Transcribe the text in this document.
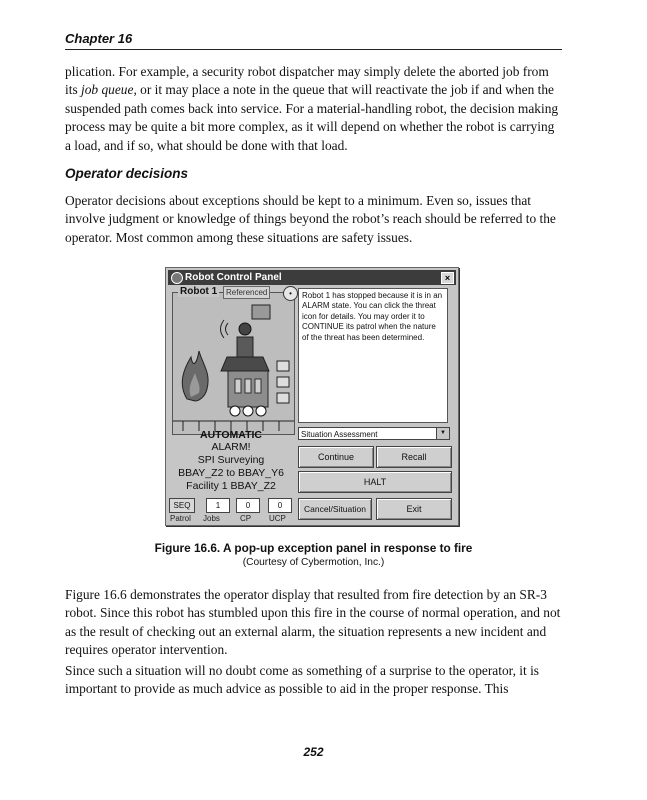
Chapter 16

plication. For example, a security robot dispatcher may simply delete the aborted job from its job queue, or it may place a note in the queue that will reactivate the job if and when the suspended path comes back into service. For a material-handling robot, the decision making process may be quite a bit more complex, as it will depend on whether the robot is carrying a load, and if so, what should be done with that load.

Operator decisions

Operator decisions about exceptions should be kept to a minimum. Even so, issues that involve judgment or knowledge of things beyond the robot’s reach should be referred to the operator. Most common among these situations are safety issues.

Robot Control Panel	×
Robot 1	Referenced	•	Robot 1 has stopped because it is in an ALARM state. You can click the threat icon for details. You may order it to CONTINUE its patrol when the nature of the threat has been determined.
Situation Assessment	▼
Continue	Recall
HALT
Cancel/Situation	Exit
AUTOMATIC
ALARM!
SPI Surveying
BBAY_Z2 to BBAY_Y6
Facility 1 BBAY_Z2
SEQ	1	0	0
Patrol Jobs	CP UCP
Figure 16.6. A pop-up exception panel in response to fire
(Courtesy of Cybermotion, Inc.)

Figure 16.6 demonstrates the operator display that resulted from fire detection by an SR-3 robot. Since this robot has stumbled upon this fire in the course of normal operation, and not as the result of checking out an external alarm, the situation represents a new incident and requires operator intervention.

Since such a situation will no doubt come as something of a surprise to the operator, it is important to provide as much advice as possible to aid in the proper response. This

252
